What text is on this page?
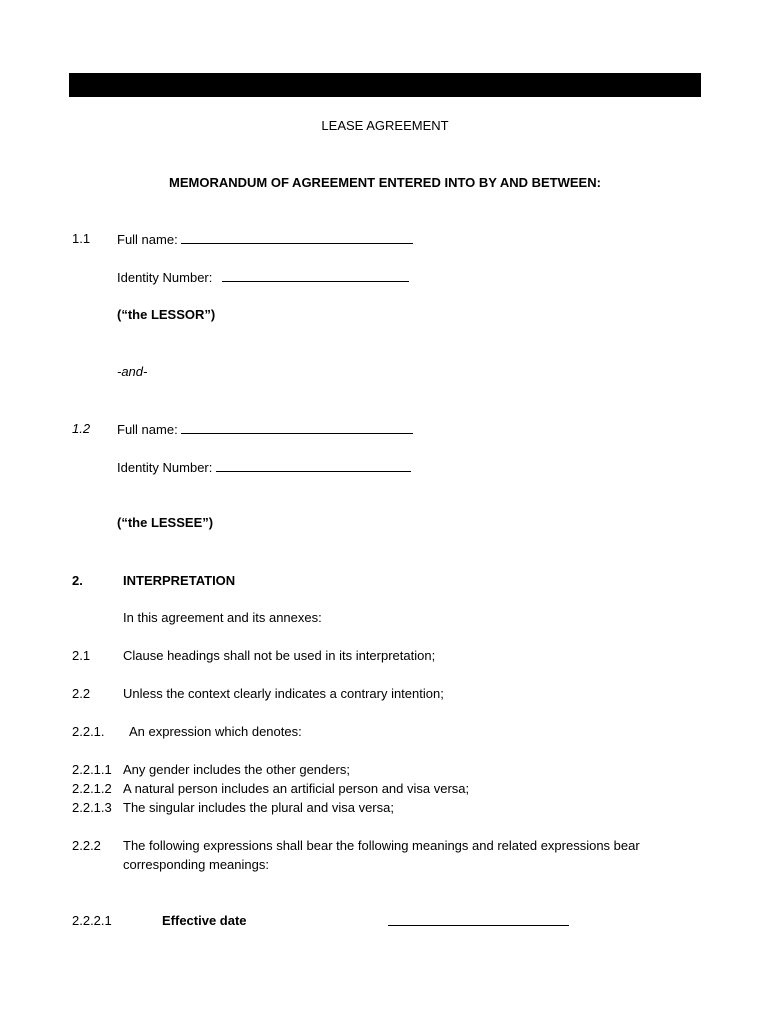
LEASE AGREEMENT
MEMORANDUM OF AGREEMENT ENTERED INTO BY AND BETWEEN:
1.1 Full name:
Identity Number:
(“the LESSOR”)
-and-
1.2 Full name:
Identity Number:
(“the LESSEE”)
2.	INTERPRETATION
In this agreement and its annexes:
2.1	Clause headings shall not be used in its interpretation;
2.2	Unless the context clearly indicates a contrary intention;
2.2.1. An expression which denotes:
2.2.1.1 Any gender includes the other genders;
2.2.1.2 A natural person includes an artificial person and visa versa;
2.2.1.3 The singular includes the plural and visa versa;
2.2.2 The following expressions shall bear the following meanings and related expressions bear
corresponding meanings:
2.2.2.1	Effective date
